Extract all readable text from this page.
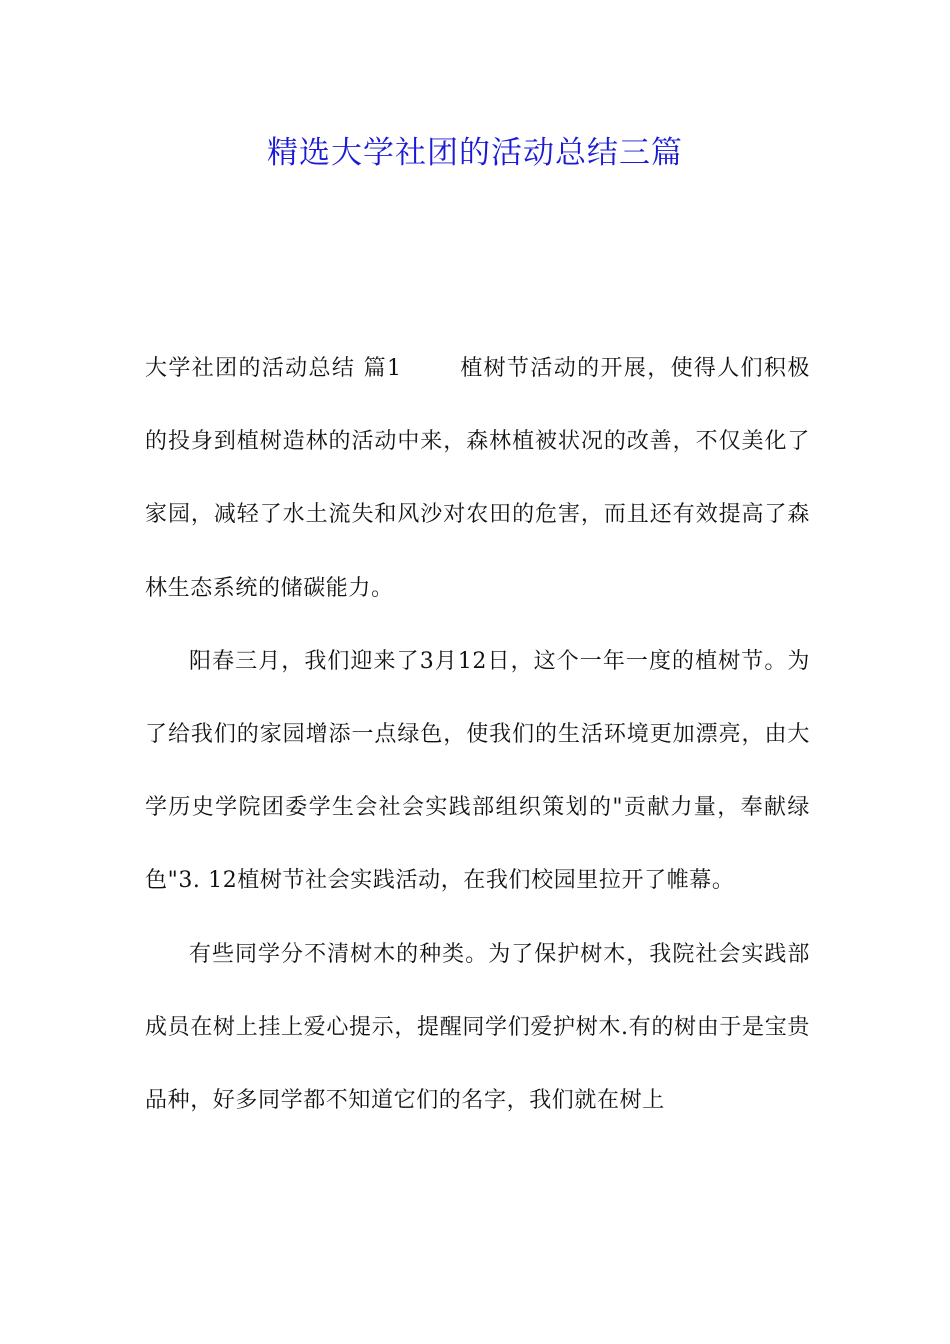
精选大学社团的活动总结三篇

大学社团的活动总结 篇1	植树节活动的开展，使得人们积极的投身到植树造林的活动中来，森林植被状况的改善，不仅美化了家园，减轻了水土流失和风沙对农田的危害，而且还有效提高了森林生态系统的储碳能力。

阳春三月，我们迎来了3月12日，这个一年一度的植树节。为了给我们的家园增添一点绿色，使我们的生活环境更加漂亮，由大学历史学院团委学生会社会实践部组织策划的"贡献力量，奉献绿色"3. 12植树节社会实践活动，在我们校园里拉开了帷幕。

有些同学分不清树木的种类。为了保护树木，我院社会实践部成员在树上挂上爱心提示，提醒同学们爱护树木.有的树由于是宝贵品种，好多同学都不知道它们的名字，我们就在树上
